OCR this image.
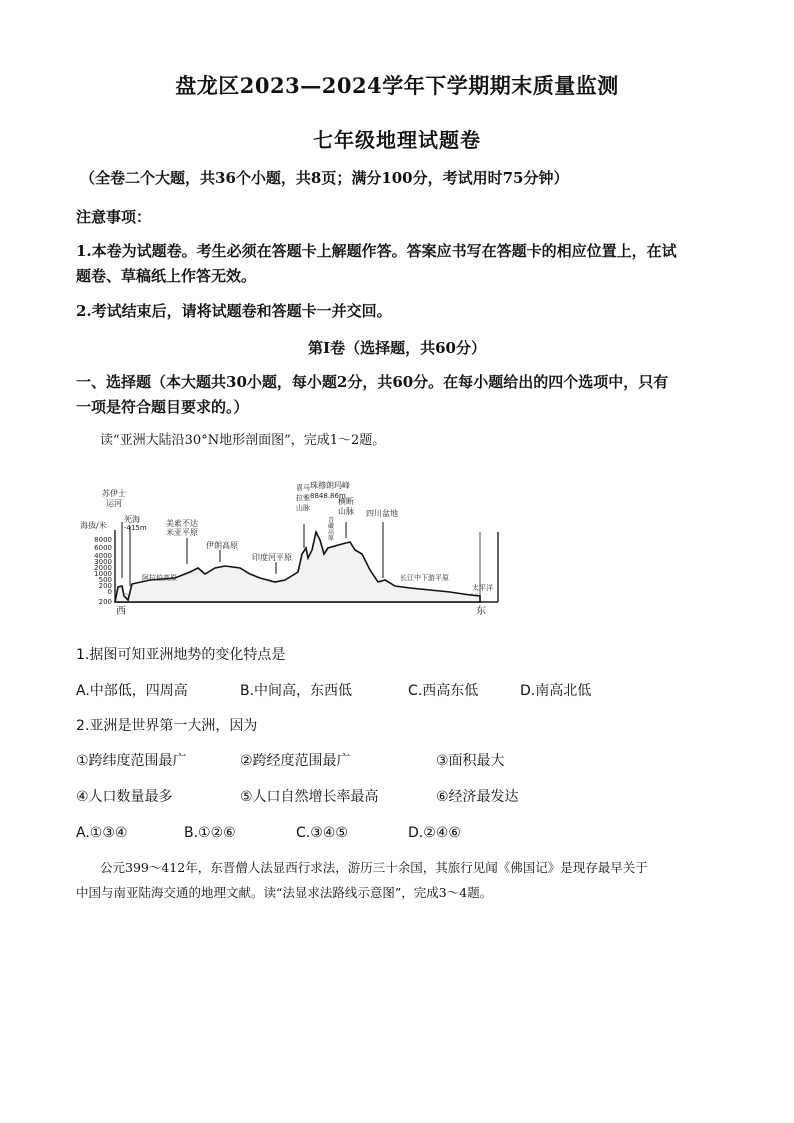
盘龙区2023—2024学年下学期期末质量监测
七年级地理试题卷
（全卷二个大题，共36个小题，共8页；满分100分，考试用时75分钟）
注意事项：
1.本卷为试题卷。考生必须在答题卡上解题作答。答案应书写在答题卡的相应位置上，在试
题卷、草稿纸上作答无效。
2.考试结束后，请将试题卷和答题卡一并交回。
第Ⅰ卷（选择题，共60分）
一、选择题（本大题共30小题，每小题2分，共60分。在每小题给出的四个选项中，只有
一项是符合题目要求的。）
读“亚洲大陆沿30°N地形剖面图”，完成1～2题。
8000
6000
4000
3000
2000
1000
500
200
0
200
海拔/米
苏伊士
运河
死海
-415m 美索不达
米亚平原
伊朗高原
印度河平原
珠穆朗玛峰
8848.86m
喜马
拉雅
山脉
青
藏
高
原
横断
山脉 四川盆地
阿拉伯高原	长江中下游平原
太平洋
西	东
1.据图可知亚洲地势的变化特点是
A.中部低，四周高	B.中间高，东西低	C.西高东低	D.南高北低
2.亚洲是世界第一大洲，因为
①跨纬度范围最广	②跨经度范围最广	③面积最大
④人口数量最多	⑤人口自然增长率最高	⑥经济最发达
A.①③④	B.①②⑥	C.③④⑤	D.②④⑥
公元399～412年，东晋僧人法显西行求法，游历三十余国，其旅行见闻《佛国记》是现存最早关于
中国与南亚陆海交通的地理文献。读“法显求法路线示意图”，完成3～4题。
